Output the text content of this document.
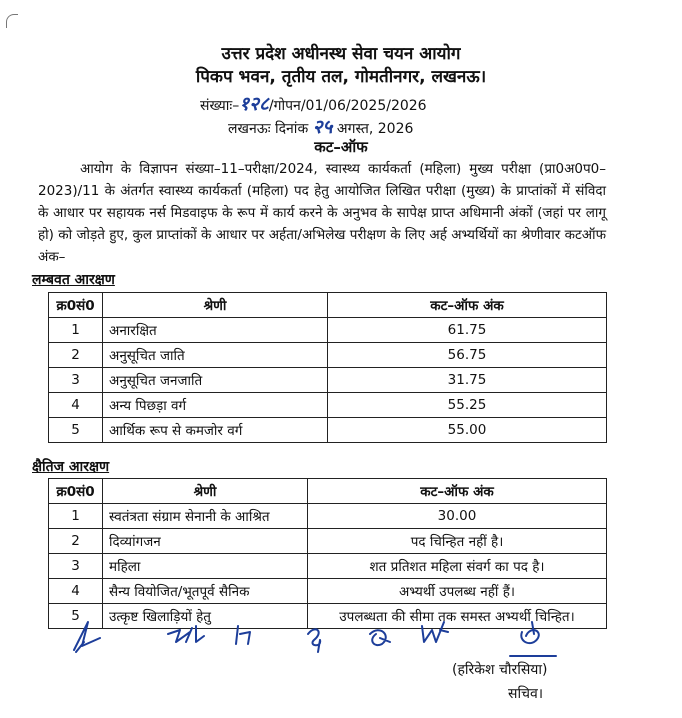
उत्तर प्रदेश अधीनस्थ सेवा चयन आयोग
पिकप भवन, तृतीय तल, गोमतीनगर, लखनऊ।
संख्याः–१२८/गोपन/01/06/2025/2026
लखनऊः दिनांक २५ अगस्त, 2026
कट–ऑफ

आयोग के विज्ञापन संख्या–11–परीक्षा/2024, स्वास्थ्य कार्यकर्ता (महिला) मुख्य परीक्षा (प्रा0अ0प0–2023)/11 के अंतर्गत स्वास्थ्य कार्यकर्ता (महिला) पद हेतु आयोजित लिखित परीक्षा (मुख्य) के प्राप्तांकों में संविदा के आधार पर सहायक नर्स मिडवाइफ के रूप में कार्य करने के अनुभव के सापेक्ष प्राप्त अधिमानी अंकों (जहां पर लागू हो) को जोड़ते हुए, कुल प्राप्तांकों के आधार पर अर्हता/अभिलेख परीक्षण के लिए अर्ह अभ्यर्थियों का श्रेणीवार कटऑफ अंक–

लम्बवत आरक्षण
क्र0सं0	श्रेणी	कट–ऑफ अंक
1	अनारक्षित	61.75
2	अनुसूचित जाति	56.75
3	अनुसूचित जनजाति	31.75
4	अन्य पिछड़ा वर्ग	55.25
5	आर्थिक रूप से कमजोर वर्ग	55.00
क्षैतिज आरक्षण
क्र0सं0	श्रेणी	कट–ऑफ अंक
1	स्वतंत्रता संग्राम सेनानी के आश्रित	30.00
2	दिव्यांगजन	पद चिन्हित नहीं है।
3	महिला	शत प्रतिशत महिला संवर्ग का पद है।
4	सैन्य वियोजित/भूतपूर्व सैनिक	अभ्यर्थी उपलब्ध नहीं हैं।
5	उत्कृष्ट खिलाड़ियों हेतु	उपलब्धता की सीमा तक समस्त अभ्यर्थी चिन्हित।
(हरिकेश चौरसिया)
सचिव।
